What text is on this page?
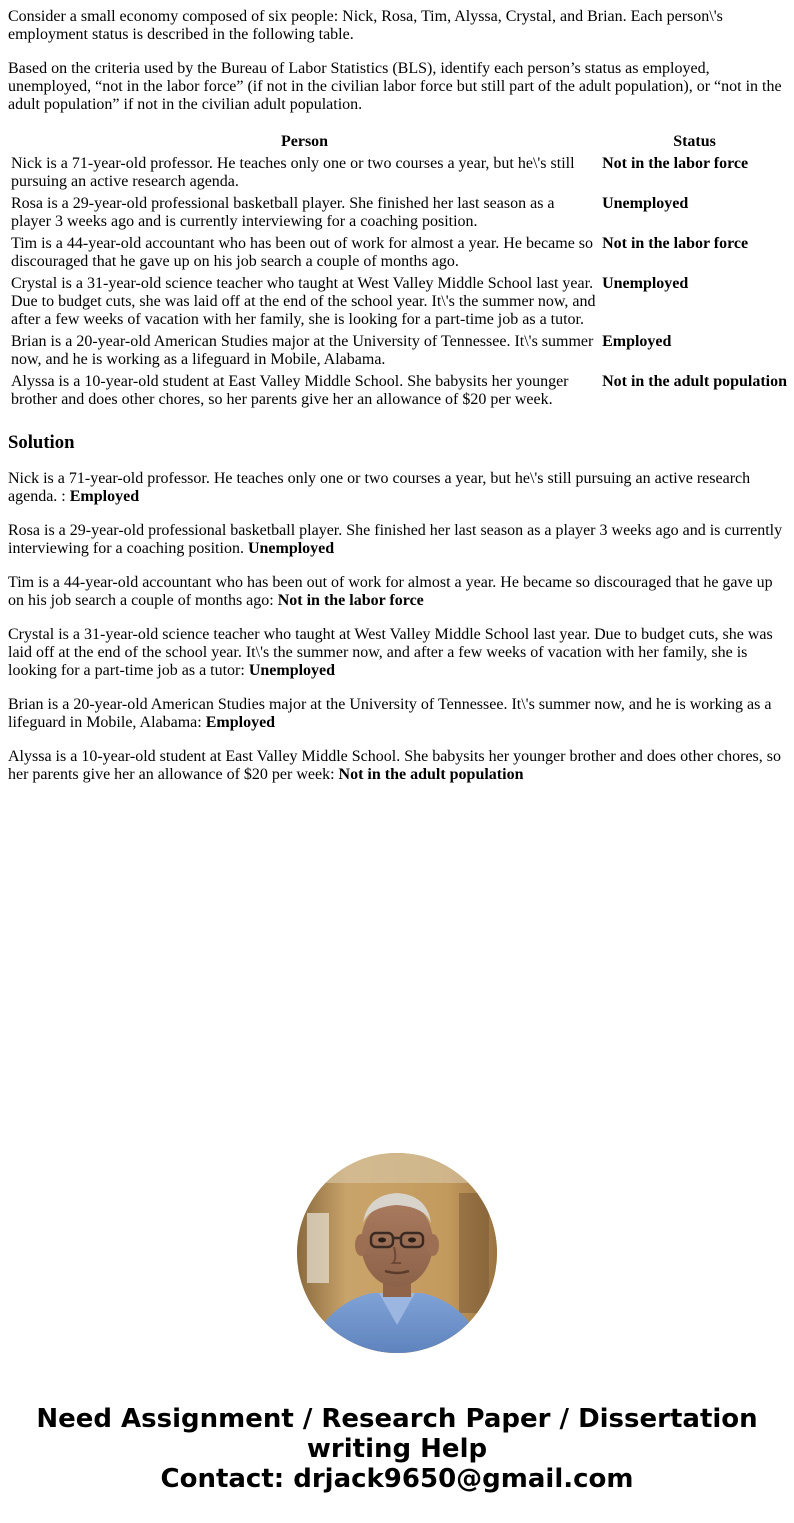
Consider a small economy composed of six people: Nick, Rosa, Tim, Alyssa, Crystal, and Brian. Each person\'s employment status is described in the following table.

Based on the criteria used by the Bureau of Labor Statistics (BLS), identify each person’s status as employed, unemployed, “not in the labor force” (if not in the civilian labor force but still part of the adult population), or “not in the adult population” if not in the civilian adult population.

Person	Status
Nick is a 71-year-old professor. He teaches only one or two courses a year, but he\'s still pursuing an active research agenda.	Not in the labor force
Rosa is a 29-year-old professional basketball player. She finished her last season as a player 3 weeks ago and is currently interviewing for a coaching position.	Unemployed
Tim is a 44-year-old accountant who has been out of work for almost a year. He became so discouraged that he gave up on his job search a couple of months ago.	Not in the labor force
Crystal is a 31-year-old science teacher who taught at West Valley Middle School last year. Due to budget cuts, she was laid off at the end of the school year. It\'s the summer now, and after a few weeks of vacation with her family, she is looking for a part-time job as a tutor.	Unemployed
Brian is a 20-year-old American Studies major at the University of Tennessee. It\'s summer now, and he is working as a lifeguard in Mobile, Alabama.	Employed
Alyssa is a 10-year-old student at East Valley Middle School. She babysits her younger brother and does other chores, so her parents give her an allowance of $20 per week.	Not in the adult population
Solution

Nick is a 71-year-old professor. He teaches only one or two courses a year, but he\'s still pursuing an active research agenda. : Employed

Rosa is a 29-year-old professional basketball player. She finished her last season as a player 3 weeks ago and is currently interviewing for a coaching position. Unemployed

Tim is a 44-year-old accountant who has been out of work for almost a year. He became so discouraged that he gave up on his job search a couple of months ago: Not in the labor force

Crystal is a 31-year-old science teacher who taught at West Valley Middle School last year. Due to budget cuts, she was laid off at the end of the school year. It\'s the summer now, and after a few weeks of vacation with her family, she is looking for a part-time job as a tutor: Unemployed

Brian is a 20-year-old American Studies major at the University of Tennessee. It\'s summer now, and he is working as a lifeguard in Mobile, Alabama: Employed

Alyssa is a 10-year-old student at East Valley Middle School. She babysits her younger brother and does other chores, so her parents give her an allowance of $20 per week: Not in the adult population

Need Assignment / Research Paper / Dissertation
writing Help
Contact: drjack9650@gmail.com
